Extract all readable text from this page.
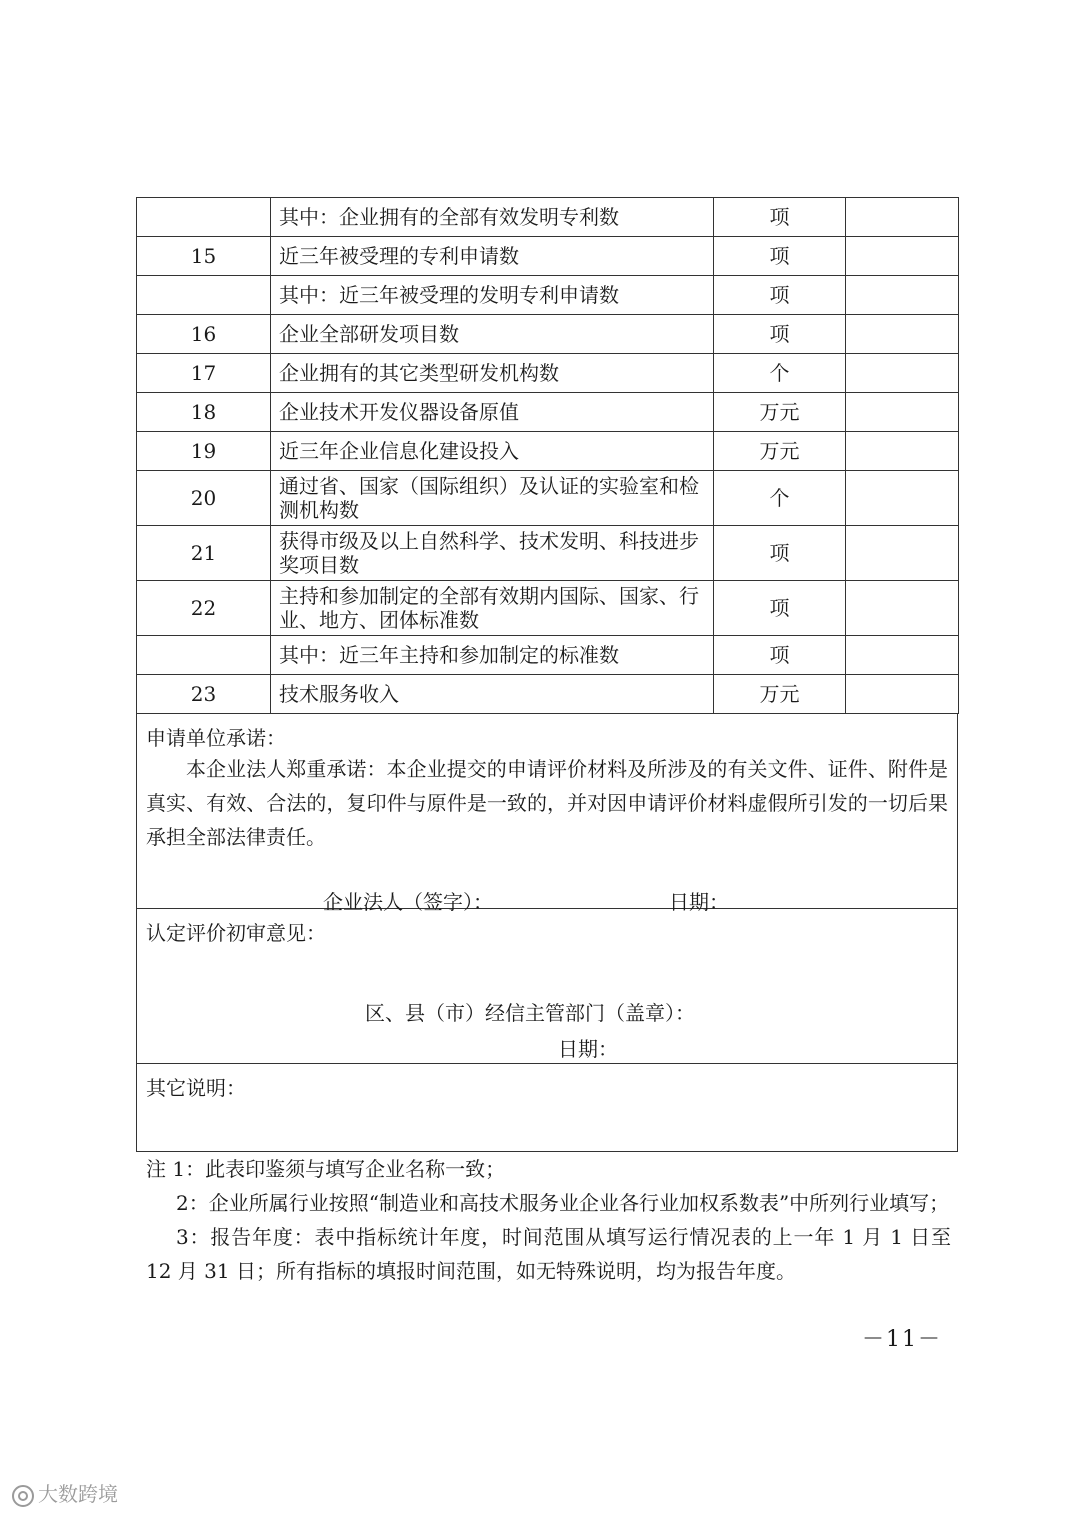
	其中：企业拥有的全部有效发明专利数	项	
15	近三年被受理的专利申请数	项	
	其中：近三年被受理的发明专利申请数	项	
16	企业全部研发项目数	项	
17	企业拥有的其它类型研发机构数	个	
18	企业技术开发仪器设备原值	万元	
19	近三年企业信息化建设投入	万元	
20	通过省、国家（国际组织）及认证的实验室和检测机构数	个	
21	获得市级及以上自然科学、技术发明、科技进步奖项目数	项	
22	主持和参加制定的全部有效期内国际、国家、行业、地方、团体标准数	项	
	其中：近三年主持和参加制定的标准数	项	
23	技术服务收入	万元	
申请单位承诺：
本企业法人郑重承诺：本企业提交的申请评价材料及所涉及的有关文件、证件、附件是真实、有效、合法的，复印件与原件是一致的，并对因申请评价材料虚假所引发的一切后果承担全部法律责任。
企业法人（签字）：	日期：
认定评价初审意见：
区、县（市）经信主管部门（盖章）：
日期：
其它说明：
注 1：此表印鉴须与填写企业名称一致；
2：企业所属行业按照“制造业和高技术服务业企业各行业加权系数表”中所列行业填写；
3：报告年度：表中指标统计年度，时间范围从填写运行情况表的上一年 1 月 1 日至 12 月 31 日；所有指标的填报时间范围，如无特殊说明，均为报告年度。
－11－
大数跨境
